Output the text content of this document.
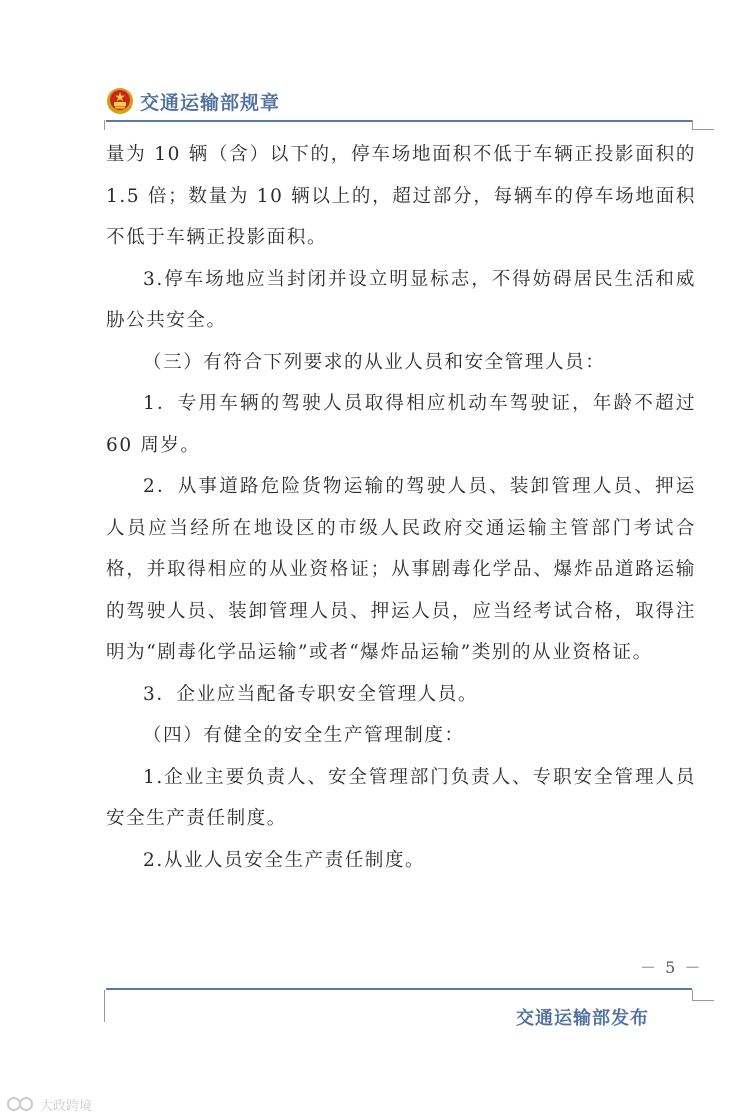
交通运输部规章

量为 10 辆（含）以下的，停车场地面积不低于车辆正投影面积的 1.5 倍；数量为 10 辆以上的，超过部分，每辆车的停车场地面积不低于车辆正投影面积。

3.停车场地应当封闭并设立明显标志，不得妨碍居民生活和威胁公共安全。

（三）有符合下列要求的从业人员和安全管理人员：

1．专用车辆的驾驶人员取得相应机动车驾驶证，年龄不超过 60 周岁。

2．从事道路危险货物运输的驾驶人员、装卸管理人员、押运人员应当经所在地设区的市级人民政府交通运输主管部门考试合格，并取得相应的从业资格证；从事剧毒化学品、爆炸品道路运输的驾驶人员、装卸管理人员、押运人员，应当经考试合格，取得注明为“剧毒化学品运输”或者“爆炸品运输”类别的从业资格证。

3．企业应当配备专职安全管理人员。

（四）有健全的安全生产管理制度：

1.企业主要负责人、安全管理部门负责人、专职安全管理人员安全生产责任制度。

2.从业人员安全生产责任制度。

－ 5 －
交通运输部发布
大政跨境
